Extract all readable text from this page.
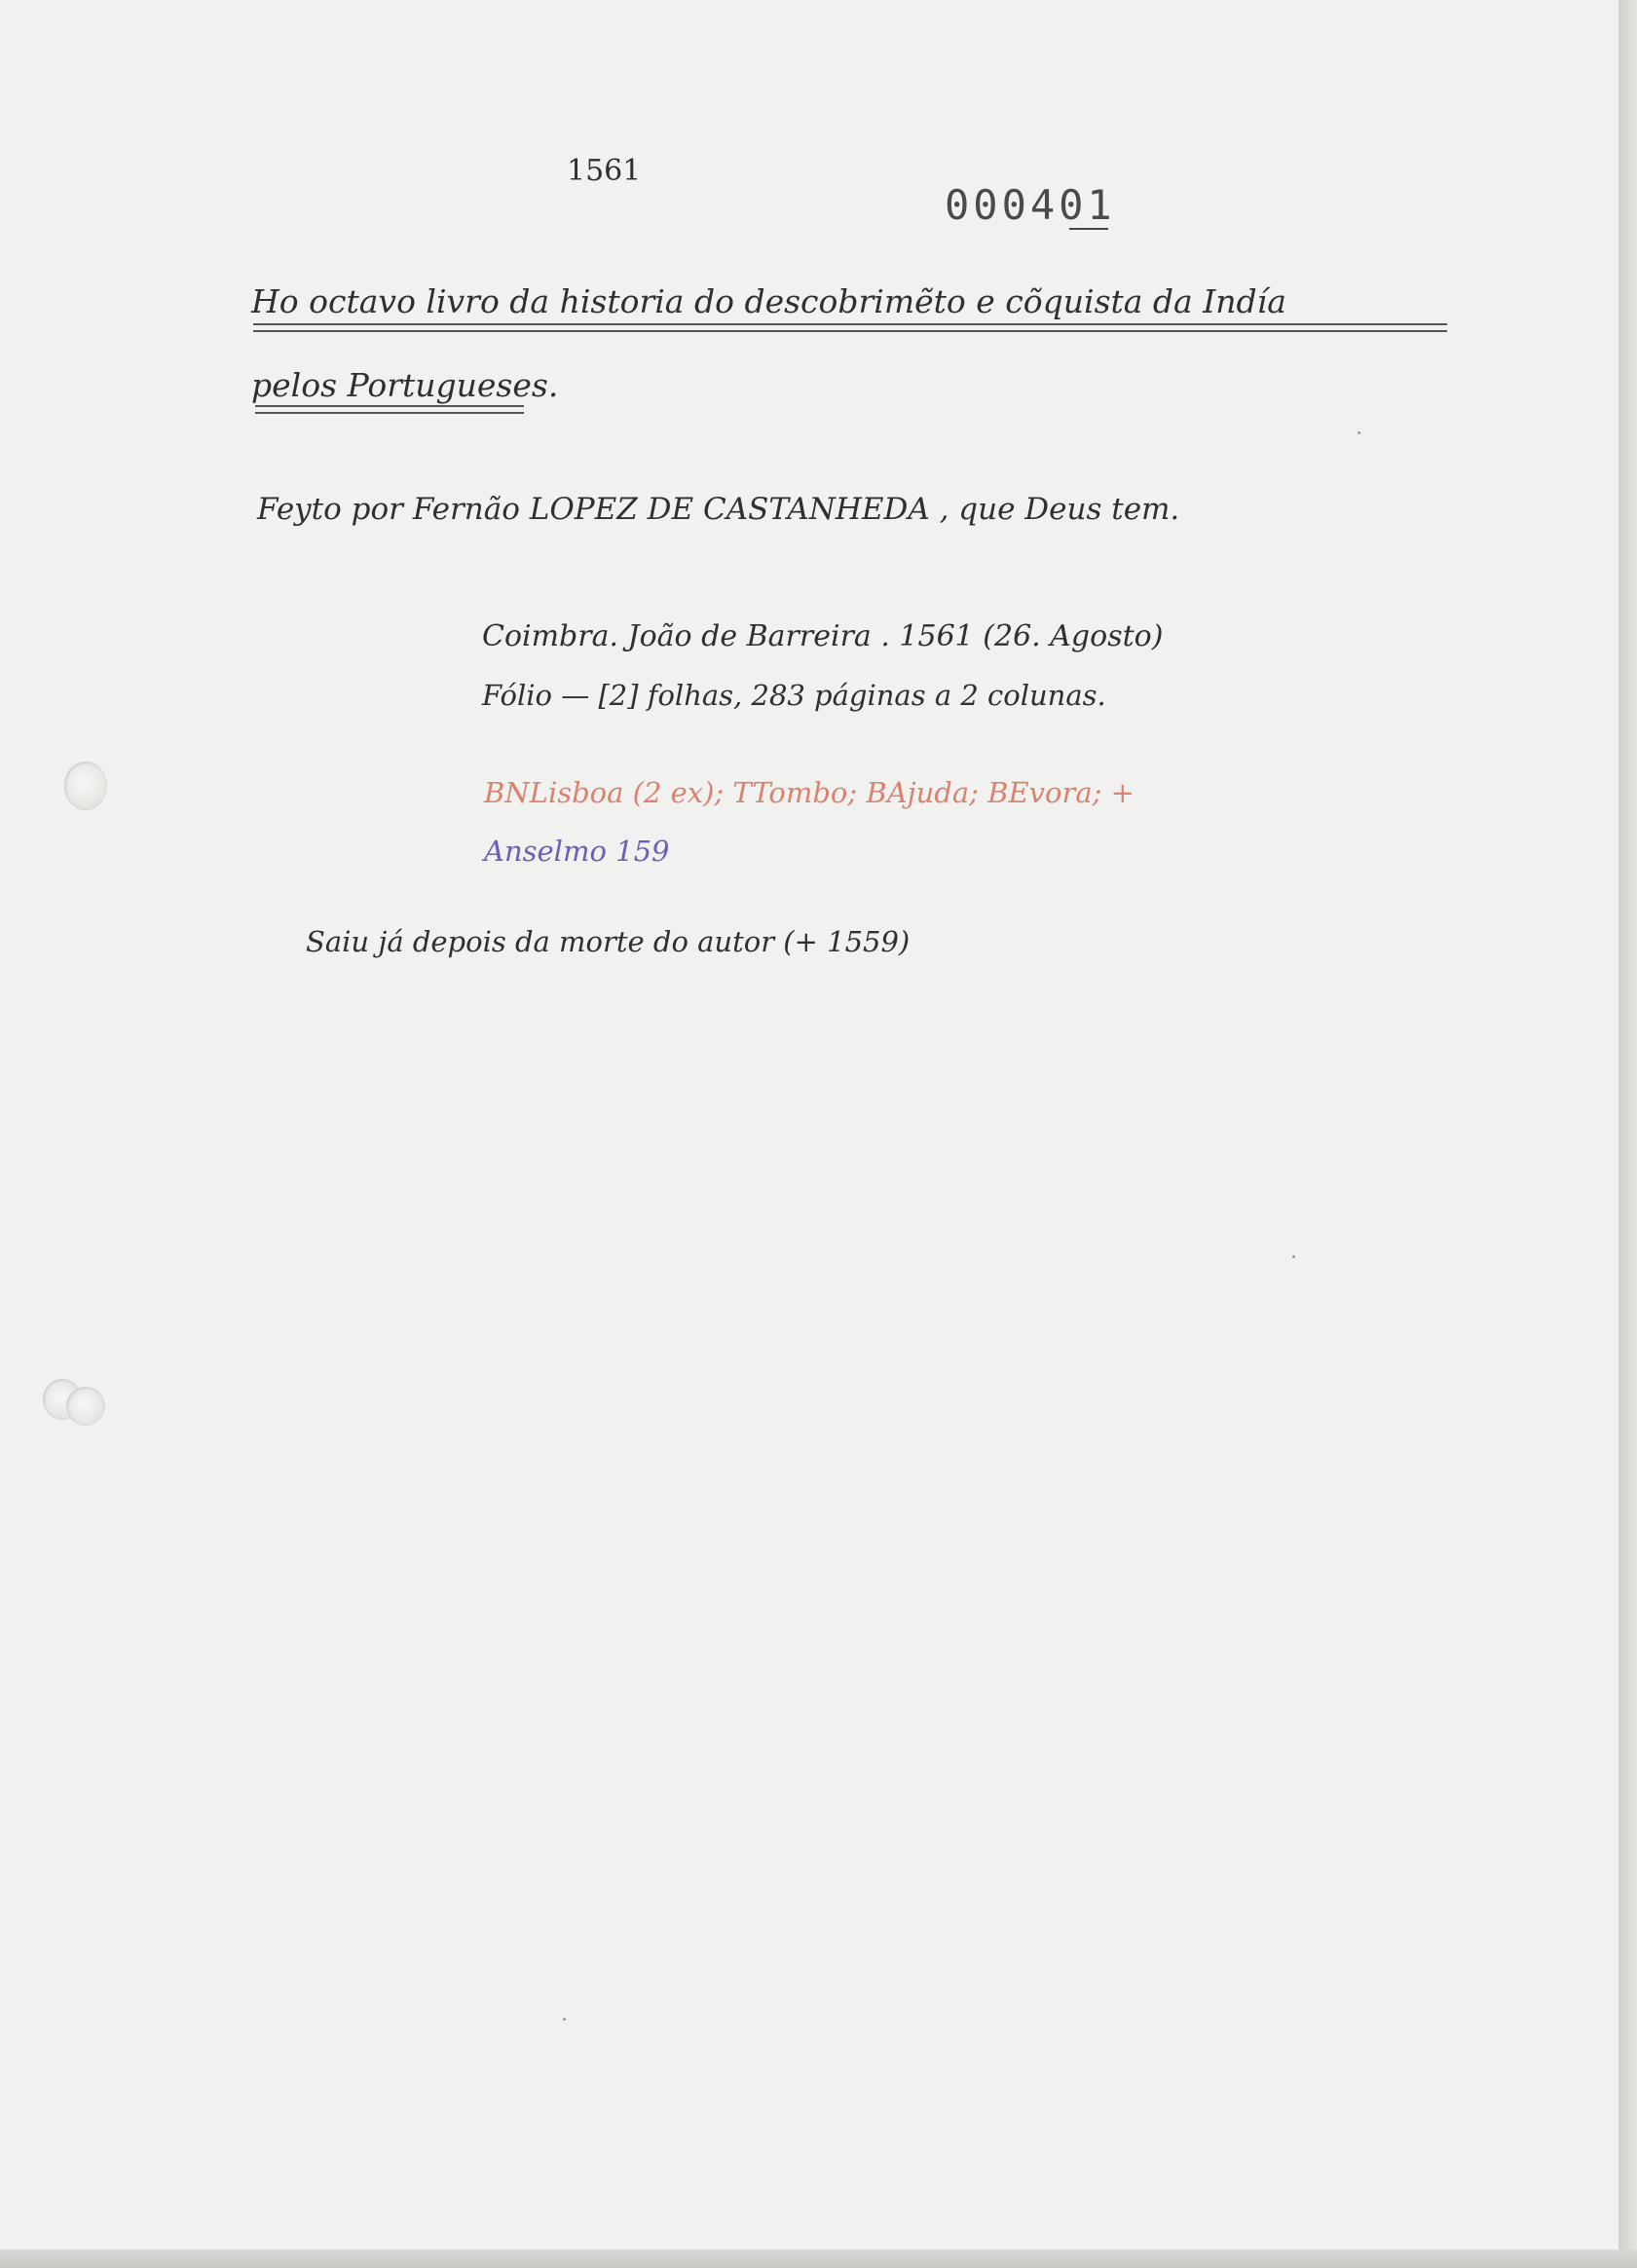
1561
000401
Ho octavo livro da historia do descobrimẽto e cõquista da Indía
pelos Portugueses.
Feyto por Fernão LOPEZ DE CASTANHEDA , que Deus tem.
Coimbra. João de Barreira . 1561 (26. Agosto)
Fólio — [2] folhas, 283 páginas a 2 colunas.
BNLisboa (2 ex); TTombo; BAjuda; BEvora; +
Anselmo 159
Saiu já depois da morte do autor (+ 1559)
